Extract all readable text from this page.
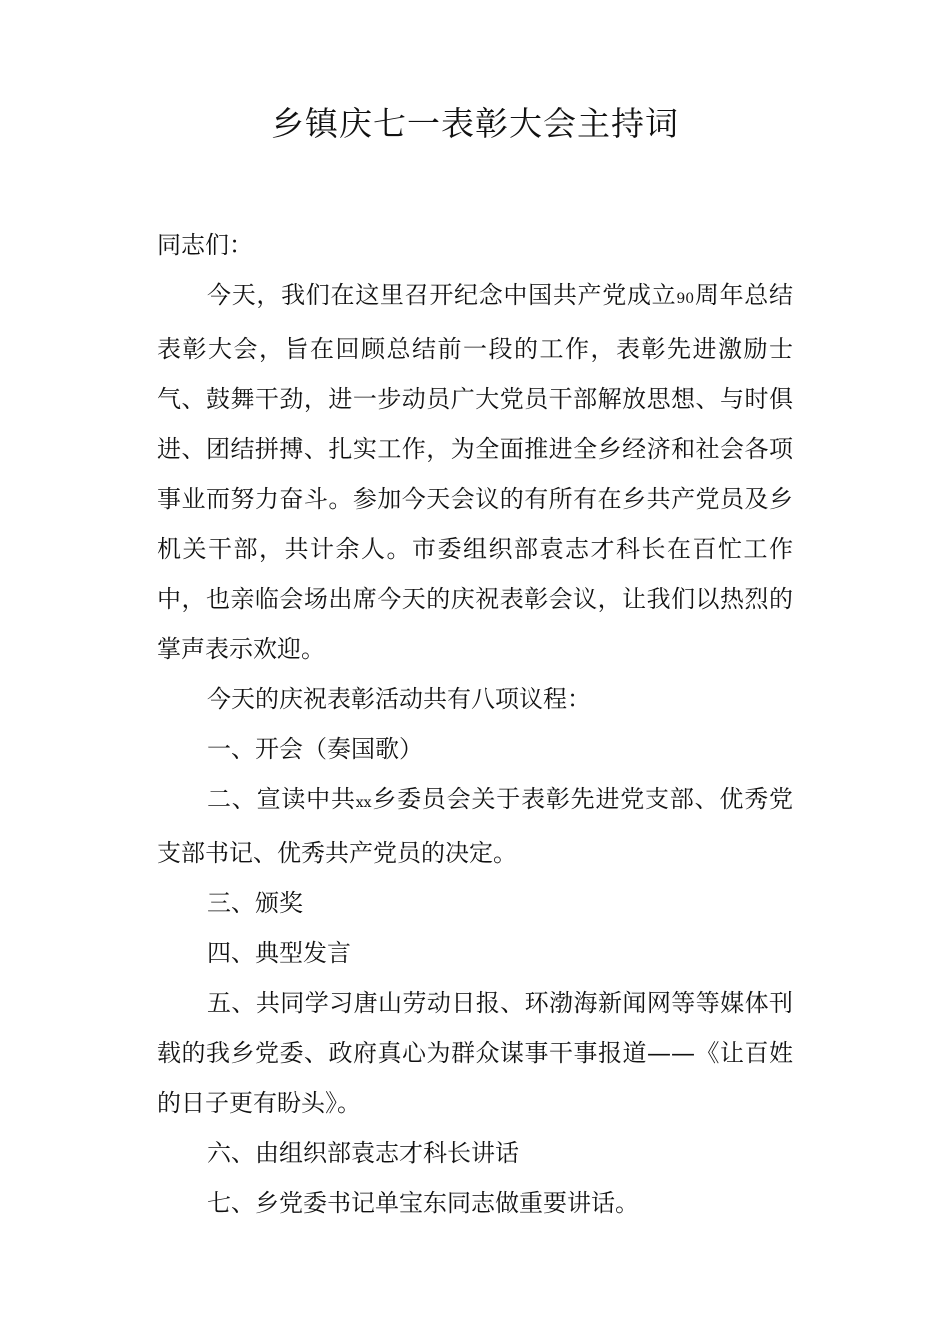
乡镇庆七一表彰大会主持词

同志们：

今天，我们在这里召开纪念中国共产党成立90周年总结表彰大会，旨在回顾总结前一段的工作，表彰先进激励士气、鼓舞干劲，进一步动员广大党员干部解放思想、与时俱进、团结拼搏、扎实工作，为全面推进全乡经济和社会各项事业而努力奋斗。参加今天会议的有所有在乡共产党员及乡机关干部，共计余人。市委组织部袁志才科长在百忙工作中，也亲临会场出席今天的庆祝表彰会议，让我们以热烈的掌声表示欢迎。

今天的庆祝表彰活动共有八项议程：

一、开会（奏国歌）

二、宣读中共xx乡委员会关于表彰先进党支部、优秀党支部书记、优秀共产党员的决定。

三、颁奖

四、典型发言

五、共同学习唐山劳动日报、环渤海新闻网等等媒体刊载的我乡党委、政府真心为群众谋事干事报道——《让百姓的日子更有盼头》。

六、由组织部袁志才科长讲话

七、乡党委书记单宝东同志做重要讲话。
